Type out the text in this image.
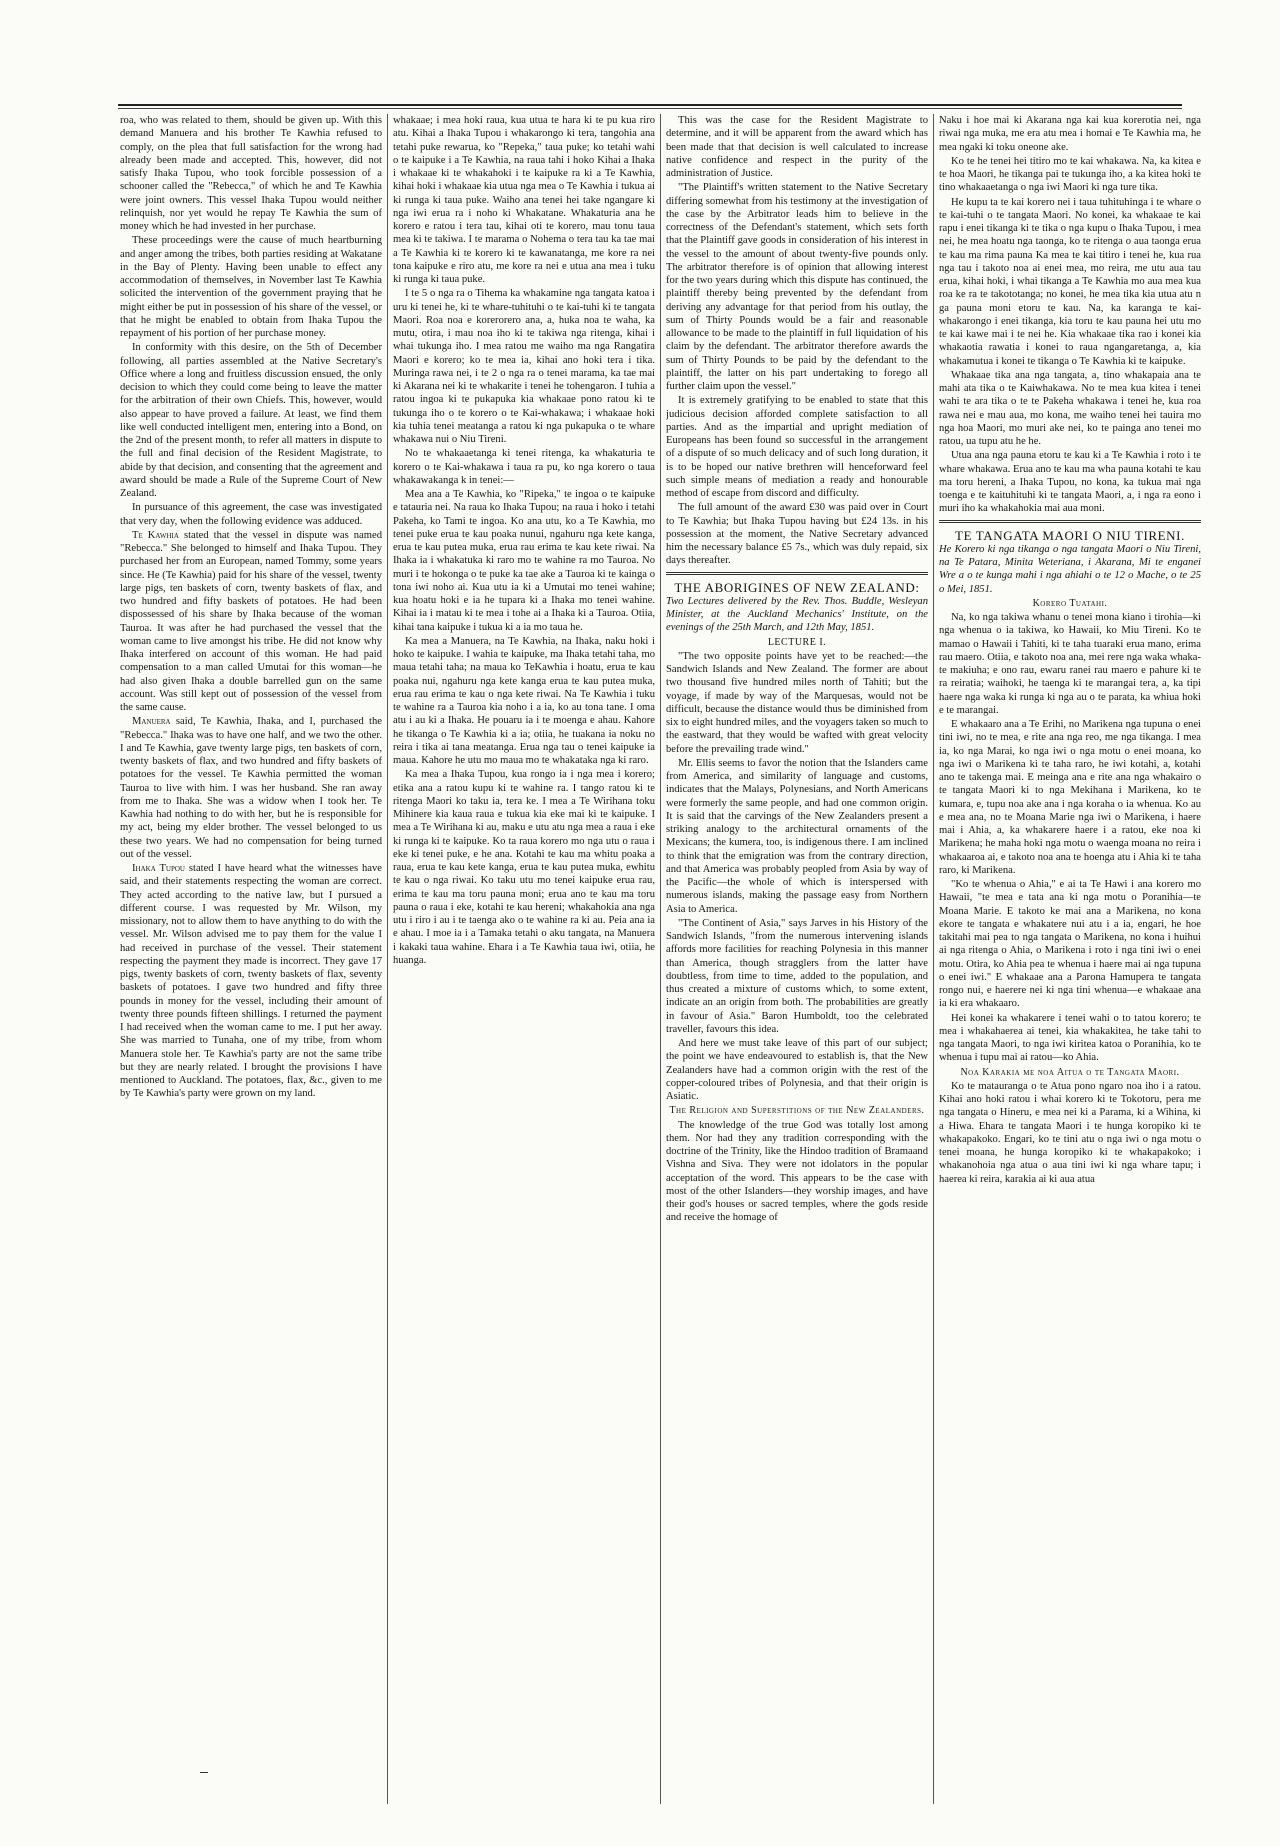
roa, who was related to them, should be given up. With this demand Manuera and his brother Te Kawhia refused to comply, on the plea that full satisfaction for the wrong had already been made and accepted. This, however, did not satisfy Ihaka Tupou, who took forcible possession of a schooner called the "Rebecca," of which he and Te Kawhia were joint owners. This vessel Ihaka Tupou would neither relinquish, nor yet would he repay Te Kawhia the sum of money which he had invested in her purchase.

These proceedings were the cause of much heartburning and anger among the tribes, both parties residing at Wakatane in the Bay of Plenty. Having been unable to effect any accommodation of themselves, in November last Te Kawhia solicited the intervention of the government praying that he might either be put in possession of his share of the vessel, or that he might be enabled to obtain from Ihaka Tupou the repayment of his portion of her purchase money.

In conformity with this desire, on the 5th of December following, all parties assembled at the Native Secretary's Office where a long and fruitless discussion ensued, the only decision to which they could come being to leave the matter for the arbitration of their own Chiefs. This, however, would also appear to have proved a failure. At least, we find them like well conducted intelligent men, entering into a Bond, on the 2nd of the present month, to refer all matters in dispute to the full and final decision of the Resident Magistrate, to abide by that decision, and consenting that the agreement and award should be made a Rule of the Supreme Court of New Zealand.

In pursuance of this agreement, the case was investigated that very day, when the following evidence was adduced.

Te Kawhia stated that the vessel in dispute was named "Rebecca." She belonged to himself and Ihaka Tupou. They purchased her from an European, named Tommy, some years since. He (Te Kawhia) paid for his share of the vessel, twenty large pigs, ten baskets of corn, twenty baskets of flax, and two hundred and fifty baskets of potatoes. He had been dispossessed of his share by Ihaka because of the woman Tauroa. It was after he had purchased the vessel that the woman came to live amongst his tribe. He did not know why Ihaka interfered on account of this woman. He had paid compensation to a man called Umutai for this woman—he had also given Ihaka a double barrelled gun on the same account. Was still kept out of possession of the vessel from the same cause.

Manuera said, Te Kawhia, Ihaka, and I, purchased the "Rebecca." Ihaka was to have one half, and we two the other. I and Te Kawhia, gave twenty large pigs, ten baskets of corn, twenty baskets of flax, and two hundred and fifty baskets of potatoes for the vessel. Te Kawhia permitted the woman Tauroa to live with him. I was her husband. She ran away from me to Ihaka. She was a widow when I took her. Te Kawhia had nothing to do with her, but he is responsible for my act, being my elder brother. The vessel belonged to us these two years. We had no compensation for being turned out of the vessel.

Ihaka Tupou stated I have heard what the witnesses have said, and their statements respecting the woman are correct. They acted according to the native law, but I pursued a different course. I was requested by Mr. Wilson, my missionary, not to allow them to have anything to do with the vessel. Mr. Wilson advised me to pay them for the value I had received in purchase of the vessel. Their statement respecting the payment they made is incorrect. They gave 17 pigs, twenty baskets of corn, twenty baskets of flax, seventy baskets of potatoes. I gave two hundred and fifty three pounds in money for the vessel, including their amount of twenty three pounds fifteen shillings. I returned the payment I had received when the woman came to me. I put her away. She was married to Tunaha, one of my tribe, from whom Manuera stole her. Te Kawhia's party are not the same tribe but they are nearly related. I brought the provisions I have mentioned to Auckland. The potatoes, flax, &c., given to me by Te Kawhia's party were grown on my land.

whakaae; i mea hoki raua, kua utua te hara ki te pu kua riro atu. Kihai a Ihaka Tupou i whakarongo ki tera, tangohia ana tetahi puke rewarua, ko "Repeka," taua puke; ko tetahi wahi o te kaipuke i a Te Kawhia, na raua tahi i hoko Kihai a Ihaka i whakaae ki te whakahoki i te kaipuke ra ki a Te Kawhia, kihai hoki i whakaae kia utua nga mea o Te Kawhia i tukua ai ki runga ki taua puke. Waiho ana tenei hei take ngangare ki nga iwi erua ra i noho ki Whakatane. Whakaturia ana he korero e ratou i tera tau, kihai oti te korero, mau tonu taua mea ki te takiwa. I te marama o Nohema o tera tau ka tae mai a Te Kawhia ki te korero ki te kawanatanga, me kore ra nei tona kaipuke e riro atu, me kore ra nei e utua ana mea i tuku ki runga ki taua puke.

I te 5 o nga ra o Tihema ka whakamine nga tangata katoa i uru ki tenei he, ki te whare-tuhituhi o te kai-tuhi ki te tangata Maori. Roa noa e korerorero ana, a, huka noa te waha, ka mutu, otira, i mau noa iho ki te takiwa nga ritenga, kihai i whai tukunga iho. I mea ratou me waiho ma nga Rangatira Maori e korero; ko te mea ia, kihai ano hoki tera i tika. Muringa rawa nei, i te 2 o nga ra o tenei marama, ka tae mai ki Akarana nei ki te whakarite i tenei he tohengaron. I tuhia a ratou ingoa ki te pukapuka kia whakaae pono ratou ki te tukunga iho o te korero o te Kai-whakawa; i whakaae hoki kia tuhia tenei meatanga a ratou ki nga pukapuka o te whare whakawa nui o Niu Tireni.

No te whakaaetanga ki tenei ritenga, ka whakaturia te korero o te Kai-whakawa i taua ra pu, ko nga korero o taua whakawakanga k in tenei:—

Mea ana a Te Kawhia, ko "Ripeka," te ingoa o te kaipuke e tatauria nei. Na raua ko Ihaka Tupou; na raua i hoko i tetahi Pakeha, ko Tami te ingoa. Ko ana utu, ko a Te Kawhia, mo tenei puke erua te kau poaka nunui, ngahuru nga kete kanga, erua te kau putea muka, erua rau erima te kau kete riwai. Na Ihaka ia i whakatuka ki raro mo te wahine ra mo Tauroa. No muri i te hokonga o te puke ka tae ake a Tauroa ki te kainga o tona iwi noho ai. Kua utu ia ki a Umutai mo tenei wahine; kua hoatu hoki e ia he tupara ki a Ihaka mo tenei wahine. Kihai ia i matau ki te mea i tohe ai a Ihaka ki a Tauroa. Otiia, kihai tana kaipuke i tukua ki a ia mo taua he.

Ka mea a Manuera, na Te Kawhia, na Ihaka, naku hoki i hoko te kaipuke. I wahia te kaipuke, ma Ihaka tetahi taha, mo maua tetahi taha; na maua ko TeKawhia i hoatu, erua te kau poaka nui, ngahuru nga kete kanga erua te kau putea muka, erua rau erima te kau o nga kete riwai. Na Te Kawhia i tuku te wahine ra a Tauroa kia noho i a ia, ko au tona tane. I oma atu i au ki a Ihaka. He pouaru ia i te moenga e ahau. Kahore he tikanga o Te Kawhia ki a ia; otiia, he tuakana ia noku no reira i tika ai tana meatanga. Erua nga tau o tenei kaipuke ia maua. Kahore he utu mo maua mo te whakataka nga ki raro.

Ka mea a Ihaka Tupou, kua rongo ia i nga mea i korero; etika ana a ratou kupu ki te wahine ra. I tango ratou ki te ritenga Maori ko taku ia, tera ke. I mea a Te Wirihana toku Mihinere kia kaua raua e tukua kia eke mai ki te kaipuke. I mea a Te Wirihana ki au, maku e utu atu nga mea a raua i eke ki runga ki te kaipuke. Ko ta raua korero mo nga utu o raua i eke ki tenei puke, e he ana. Kotahi te kau ma whitu poaka a raua, erua te kau kete kanga, erua te kau putea muka, ewhitu te kau o nga riwai. Ko taku utu mo tenei kaipuke erua rau, erima te kau ma toru pauna moni; erua ano te kau ma toru pauna o raua i eke, kotahi te kau hereni; whakahokia ana nga utu i riro i au i te taenga ako o te wahine ra ki au. Peia ana ia e ahau. I moe ia i a Tamaka tetahi o aku tangata, na Manuera i kakaki taua wahine. Ehara i a Te Kawhia taua iwi, otiia, he huanga.

This was the case for the Resident Magistrate to determine, and it will be apparent from the award which has been made that that decision is well calculated to increase native confidence and respect in the purity of the administration of Justice.

"The Plaintiff's written statement to the Native Secretary differing somewhat from his testimony at the investigation of the case by the Arbitrator leads him to believe in the correctness of the Defendant's statement, which sets forth that the Plaintiff gave goods in consideration of his interest in the vessel to the amount of about twenty-five pounds only. The arbitrator therefore is of opinion that allowing interest for the two years during which this dispute has continued, the plaintiff thereby being prevented by the defendant from deriving any advantage for that period from his outlay, the sum of Thirty Pounds would be a fair and reasonable allowance to be made to the plaintiff in full liquidation of his claim by the defendant. The arbitrator therefore awards the sum of Thirty Pounds to be paid by the defendant to the plaintiff, the latter on his part undertaking to forego all further claim upon the vessel."

It is extremely gratifying to be enabled to state that this judicious decision afforded complete satisfaction to all parties. And as the impartial and upright mediation of Europeans has been found so successful in the arrangement of a dispute of so much delicacy and of such long duration, it is to be hoped our native brethren will henceforward feel such simple means of mediation a ready and honourable method of escape from discord and difficulty.

The full amount of the award £30 was paid over in Court to Te Kawhia; but Ihaka Tupou having but £24 13s. in his possession at the moment, the Native Secretary advanced him the necessary balance £5 7s., which was duly repaid, six days thereafter.

THE ABORIGINES OF NEW ZEALAND:

Two Lectures delivered by the Rev. Thos. Buddle, Wesleyan Minister, at the Auckland Mechanics' Institute, on the evenings of the 25th March, and 12th May, 1851.

LECTURE I.

"The two opposite points have yet to be reached:—the Sandwich Islands and New Zealand. The former are about two thousand five hundred miles north of Tahiti; but the voyage, if made by way of the Marquesas, would not be difficult, because the distance would thus be diminished from six to eight hundred miles, and the voyagers taken so much to the eastward, that they would be wafted with great velocity before the prevailing trade wind."

Mr. Ellis seems to favor the notion that the Islanders came from America, and similarity of language and customs, indicates that the Malays, Polynesians, and North Americans were formerly the same people, and had one common origin. It is said that the carvings of the New Zealanders present a striking analogy to the architectural ornaments of the Mexicans; the kumera, too, is indigenous there. I am inclined to think that the emigration was from the contrary direction, and that America was probably peopled from Asia by way of the Pacific—the whole of which is interspersed with numerous islands, making the passage easy from Northern Asia to America.

"The Continent of Asia," says Jarves in his History of the Sandwich Islands, "from the numerous intervening islands affords more facilities for reaching Polynesia in this manner than America, though stragglers from the latter have doubtless, from time to time, added to the population, and thus created a mixture of customs which, to some extent, indicate an an origin from both. The probabilities are greatly in favour of Asia." Baron Humboldt, too the celebrated traveller, favours this idea.

And here we must take leave of this part of our subject; the point we have endeavoured to establish is, that the New Zealanders have had a common origin with the rest of the copper-coloured tribes of Polynesia, and that their origin is Asiatic.

The Religion and Superstitions of the New Zealanders.

The knowledge of the true God was totally lost among them. Nor had they any tradition corresponding with the doctrine of the Trinity, like the Hindoo tradition of Bramaand Vishna and Siva. They were not idolators in the popular acceptation of the word. This appears to be the case with most of the other Islanders—they worship images, and have their god's houses or sacred temples, where the gods reside and receive the homage of

Naku i hoe mai ki Akarana nga kai kua korerotia nei, nga riwai nga muka, me era atu mea i homai e Te Kawhia ma, he mea ngaki ki toku oneone ake.

Ko te he tenei hei titiro mo te kai whakawa. Na, ka kitea e te hoa Maori, he tikanga pai te tukunga iho, a ka kitea hoki te tino whakaaetanga o nga iwi Maori ki nga ture tika.

He kupu ta te kai korero nei i taua tuhituhinga i te whare o te kai-tuhi o te tangata Maori. No konei, ka whakaae te kai rapu i enei tikanga ki te tika o nga kupu o Ihaka Tupou, i mea nei, he mea hoatu nga taonga, ko te ritenga o aua taonga erua te kau ma rima pauna Ka mea te kai titiro i tenei he, kua rua nga tau i takoto noa ai enei mea, mo reira, me utu aua tau erua, kihai hoki, i whai tikanga a Te Kawhia mo aua mea kua roa ke ra te takototanga; no konei, he mea tika kia utua atu n ga pauna moni etoru te kau. Na, ka karanga te kai-whakarongo i enei tikanga, kia toru te kau pauna hei utu mo te kai kawe mai i te nei he. Kia whakaae tika rao i konei kia whakaotia rawatia i konei to raua ngangaretanga, a, kia whakamutua i konei te tikanga o Te Kawhia ki te kaipuke.

Whakaae tika ana nga tangata, a, tino whakapaia ana te mahi ata tika o te Kaiwhakawa. No te mea kua kitea i tenei wahi te ara tika o te te Pakeha whakawa i tenei he, kua roa rawa nei e mau aua, mo kona, me waiho tenei hei tauira mo nga hoa Maori, mo muri ake nei, ko te painga ano tenei mo ratou, ua tupu atu he he.

Utua ana nga pauna etoru te kau ki a Te Kawhia i roto i te whare whakawa. Erua ano te kau ma wha pauna kotahi te kau ma toru hereni, a Ihaka Tupou, no kona, ka tukua mai nga toenga e te kaituhituhi ki te tangata Maori, a, i nga ra eono i muri iho ka whakahokia mai aua moni.

TE TANGATA MAORI O NIU TIRENI.

He Korero ki nga tikanga o nga tangata Maori o Niu Tireni, na Te Patara, Minita Weteriana, i Akarana, Mi te enganei Wre a o te kunga mahi i nga ahiahi o te 12 o Mache, o te 25 o Mei, 1851.

Korero Tuatahi.

Na, ko nga takiwa whanu o tenei mona kiano i tirohia—ki nga whenua o ia takiwa, ko Hawaii, ko Miu Tireni. Ko te mamao o Hawaii i Tahiti, ki te taha tuaraki erua mano, erima rau maero. Otiia, e takoto noa ana, mei rere nga waka whaka-te makiuha; e ono rau, ewaru ranei rau maero e pahure ki te ra reiratia; waihoki, he taenga ki te marangai tera, a, ka tipi haere nga waka ki runga ki nga au o te parata, ka whiua hoki e te marangai.

E whakaaro ana a Te Erihi, no Marikena nga tupuna o enei tini iwi, no te mea, e rite ana nga reo, me nga tikanga. I mea ia, ko nga Marai, ko nga iwi o nga motu o enei moana, ko nga iwi o Marikena ki te taha raro, he iwi kotahi, a, kotahi ano te takenga mai. E meinga ana e rite ana nga whakairo o te tangata Maori ki to nga Mekihana i Marikena, ko te kumara, e, tupu noa ake ana i nga koraha o ia whenua. Ko au e mea ana, no te Moana Marie nga iwi o Marikena, i haere mai i Ahia, a, ka whakarere haere i a ratou, eke noa ki Marikena; he maha hoki nga motu o waenga moana no reira i whakaaroa ai, e takoto noa ana te hoenga atu i Ahia ki te taha raro, ki Marikena.

"Ko te whenua o Ahia," e ai ta Te Hawi i ana korero mo Hawaii, "te mea e tata ana ki nga motu o Poranihia—te Moana Marie. E takoto ke mai ana a Marikena, no kona ekore te tangata e whakatere nui atu i a ia, engari, he hoe takitahi mai pea to nga tangata o Marikena, no kona i huihui ai nga ritenga o Ahia, o Marikena i roto i nga tini iwi o enei motu. Otira, ko Ahia pea te whenua i haere mai ai nga tupuna o enei iwi." E whakaae ana a Parona Hamupera te tangata rongo nui, e haerere nei ki nga tini whenua—e whakaae ana ia ki era whakaaro.

Hei konei ka whakarere i tenei wahi o to tatou korero; te mea i whakahaerea ai tenei, kia whakakitea, he take tahi to nga tangata Maori, to nga iwi kiritea katoa o Poranihia, ko te whenua i tupu mai ai ratou—ko Ahia.

Noa Karakia me noa Aitua o te Tangata Maori.

Ko te matauranga o te Atua pono ngaro noa iho i a ratou. Kihai ano hoki ratou i whai korero ki te Tokotoru, pera me nga tangata o Hineru, e mea nei ki a Parama, ki a Wihina, ki a Hiwa. Ehara te tangata Maori i te hunga koropiko ki te whakapakoko. Engari, ko te tini atu o nga iwi o nga motu o tenei moana, he hunga koropiko ki te whakapakoko; i whakanohoia nga atua o aua tini iwi ki nga whare tapu; i haerea ki reira, karakia ai ki aua atua
